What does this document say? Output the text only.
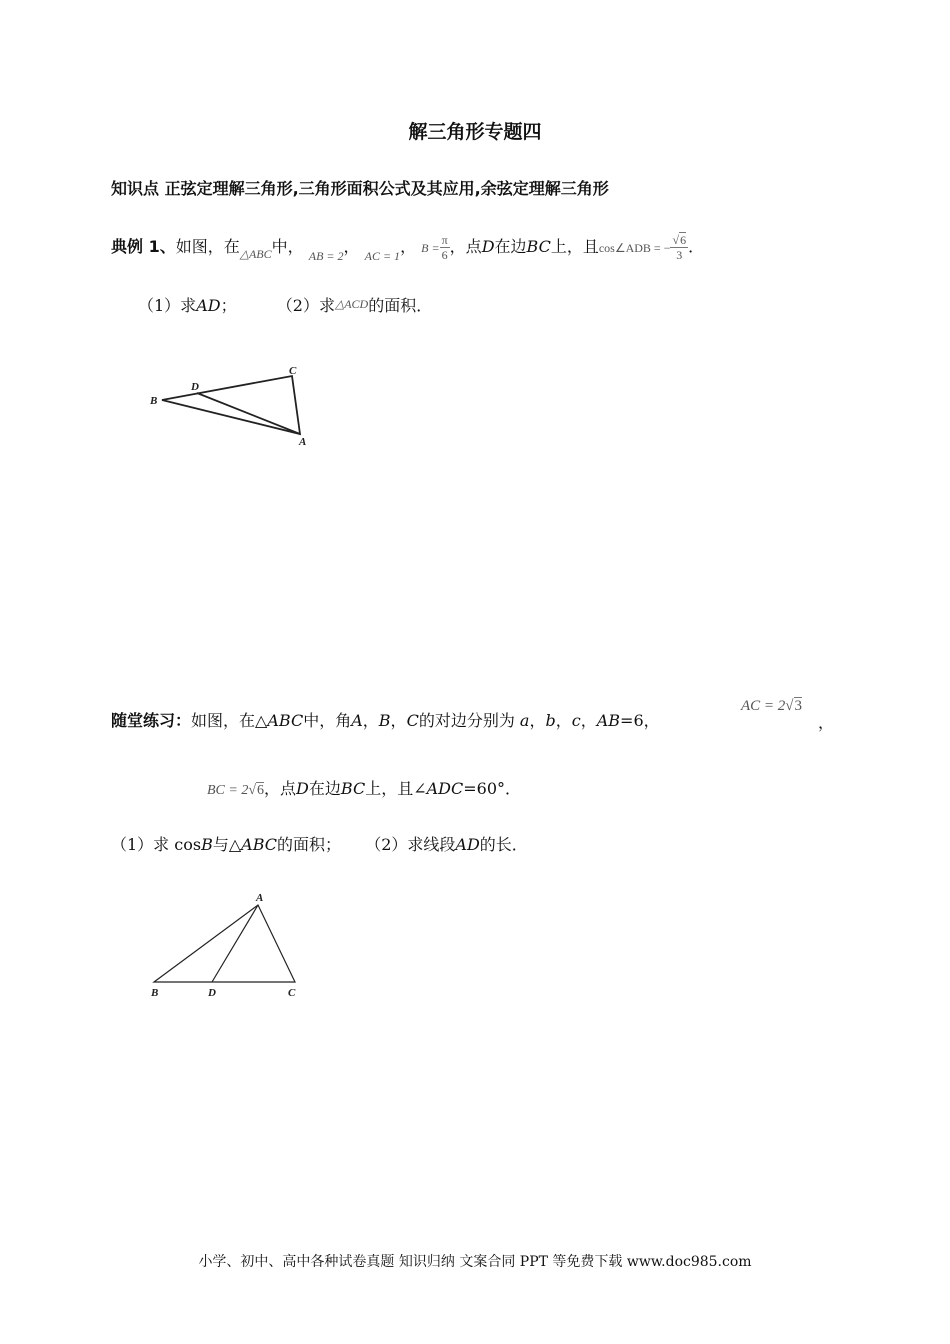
解三角形专题四
知识点 正弦定理解三角形,三角形面积公式及其应用,余弦定理解三角形
典例 1、如图，在$_{\triangle ABC}$中， $_{AB = 2}$， $_{AC = 1}$， $B = \frac{\pi}{6}$ ，点D在边BC上，且cos∠ADB = − $\frac{√6}{3}$ ．
（1）求AD；	（2）求△ACD的面积．
B
D
C
A
随堂练习：如图，在△ABC中，角A，B，C的对边分别为 a，b，c，AB=6，
AC = 2√3
，
BC = 2√6，点D在边BC上，且∠ADC=60°．
（1）求 cosB与△ABC的面积； （2）求线段AD的长．
A
B	D	C
小学、初中、高中各种试卷真题 知识归纳 文案合同 PPT 等免费下载 www.doc985.com
